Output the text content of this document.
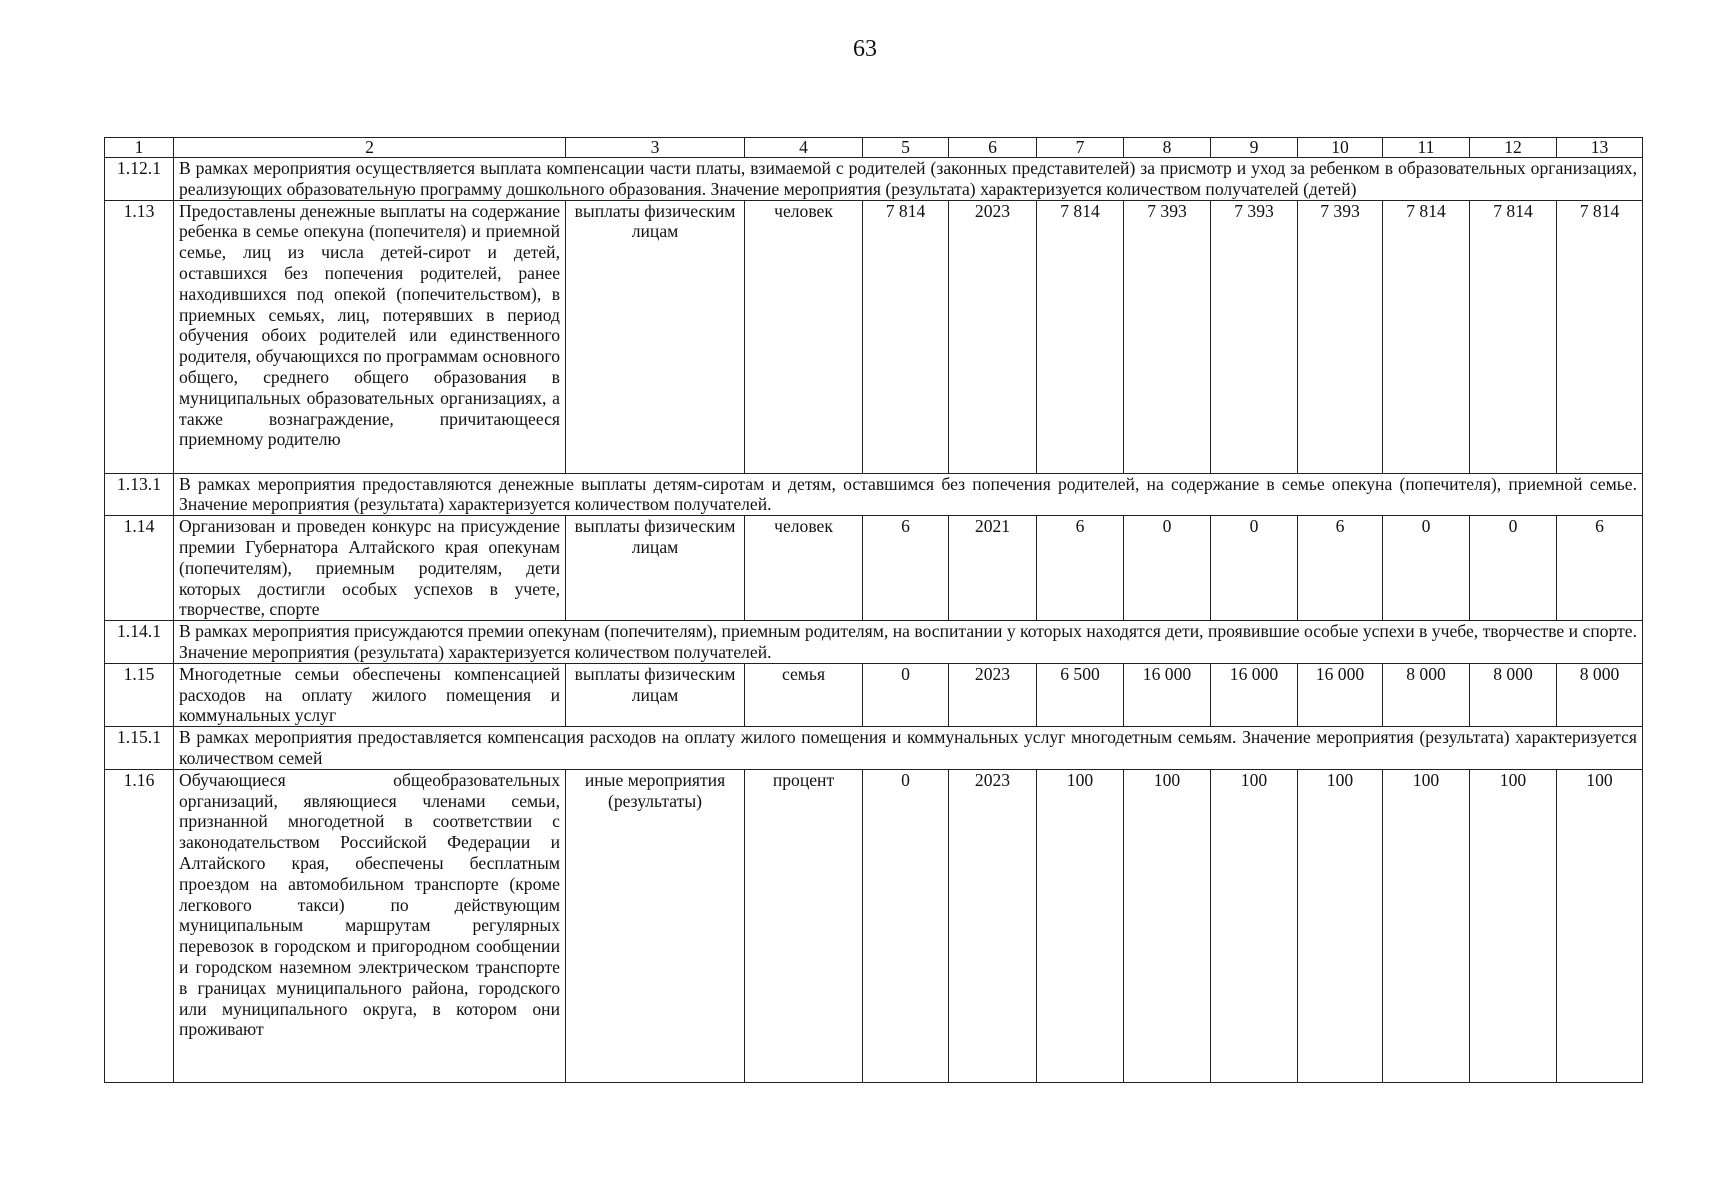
63
1	2	3	4	5	6	7	8	9	10	11	12	13
1.12.1	В рамках мероприятия осуществляется выплата компенсации части платы, взимаемой с родителей (законных представителей) за присмотр и уход за ребенком в образовательных организациях, реализующих образовательную программу дошкольного образования. Значение мероприятия (результата) характеризуется количеством получателей (детей)											
1.13	Предоставлены денежные выплаты на содержание ребенка в семье опекуна (попечителя) и приемной семье, лиц из числа детей-сирот и детей, оставшихся без попечения родителей, ранее находившихся под опекой (попечительством), в приемных семьях, лиц, потерявших в период обучения обоих родителей или единственного родителя, обучающихся по программам основного общего, среднего общего образования в муниципальных образовательных организациях, а также вознаграждение, причитающееся приемному родителю	выплаты физическим лицам	человек	7 814	2023	7 814	7 393	7 393	7 393	7 814	7 814	7 814
1.13.1	В рамках мероприятия предоставляются денежные выплаты детям-сиротам и детям, оставшимся без попечения родителей, на содержание в семье опекуна (попечителя), приемной семье. Значение мероприятия (результата) характеризуется количеством получателей.											
1.14	Организован и проведен конкурс на присуждение премии Губернатора Алтайского края опекунам (попечителям), приемным родителям, дети которых достигли особых успехов в учете, творчестве, спорте	выплаты физическим лицам	человек	6	2021	6	0	0	6	0	0	6
1.14.1	В рамках мероприятия присуждаются премии опекунам (попечителям), приемным родителям, на воспитании у которых находятся дети, проявившие особые успехи в учебе, творчестве и спорте. Значение мероприятия (результата) характеризуется количеством получателей.											
1.15	Многодетные семьи обеспечены компенсацией расходов на оплату жилого помещения и коммунальных услуг	выплаты физическим лицам	семья	0	2023	6 500	16 000	16 000	16 000	8 000	8 000	8 000
1.15.1	В рамках мероприятия предоставляется компенсация расходов на оплату жилого помещения и коммунальных услуг многодетным семьям. Значение мероприятия (результата) характеризуется количеством семей											
1.16	Обучающиеся общеобразовательных организаций, являющиеся членами семьи, признанной многодетной в соответствии с законодательством Российской Федерации и Алтайского края, обеспечены бесплатным проездом на автомобильном транспорте (кроме легкового такси) по действующим муниципальным маршрутам регулярных перевозок в городском и пригородном сообщении и городском наземном электрическом транспорте в границах муниципального района, городского или муниципального округа, в котором они проживают	иные мероприятия (результаты)	процент	0	2023	100	100	100	100	100	100	100
